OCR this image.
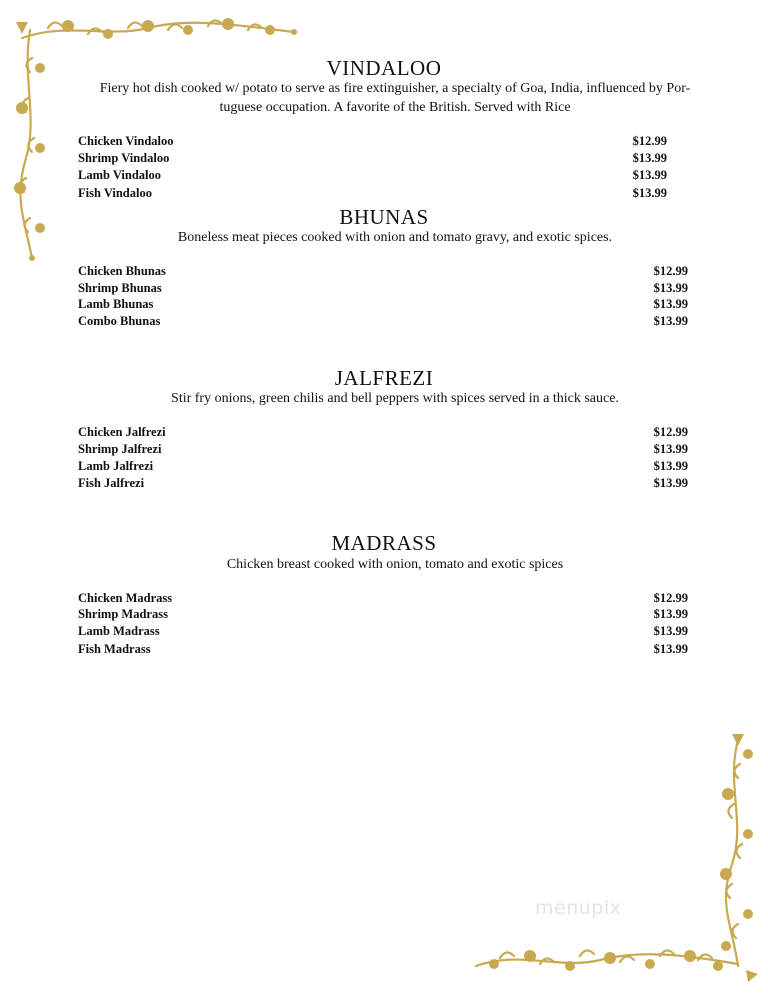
VINDALOO
Fiery hot dish cooked w/ potato to serve as fire extinguisher, a specialty of Goa, India, influenced by Por-
tuguese occupation. A favorite of the British. Served with Rice
Chicken Vindaloo	$12.99
Shrimp Vindaloo	$13.99
Lamb Vindaloo	$13.99
Fish Vindaloo	$13.99
BHUNAS
Boneless meat pieces cooked with onion and tomato gravy, and exotic spices.
Chicken Bhunas	$12.99
Shrimp Bhunas	$13.99
Lamb Bhunas	$13.99
Combo Bhunas	$13.99
JALFREZI
Stir fry onions, green chilis and bell peppers with spices served in a thick sauce.
Chicken Jalfrezi	$12.99
Shrimp Jalfrezi	$13.99
Lamb Jalfrezi	$13.99
Fish Jalfrezi	$13.99
MADRASS
Chicken breast cooked with onion, tomato and exotic spices
Chicken Madrass	$12.99
Shrimp Madrass	$13.99
Lamb Madrass	$13.99
Fish Madrass	$13.99
menupix
